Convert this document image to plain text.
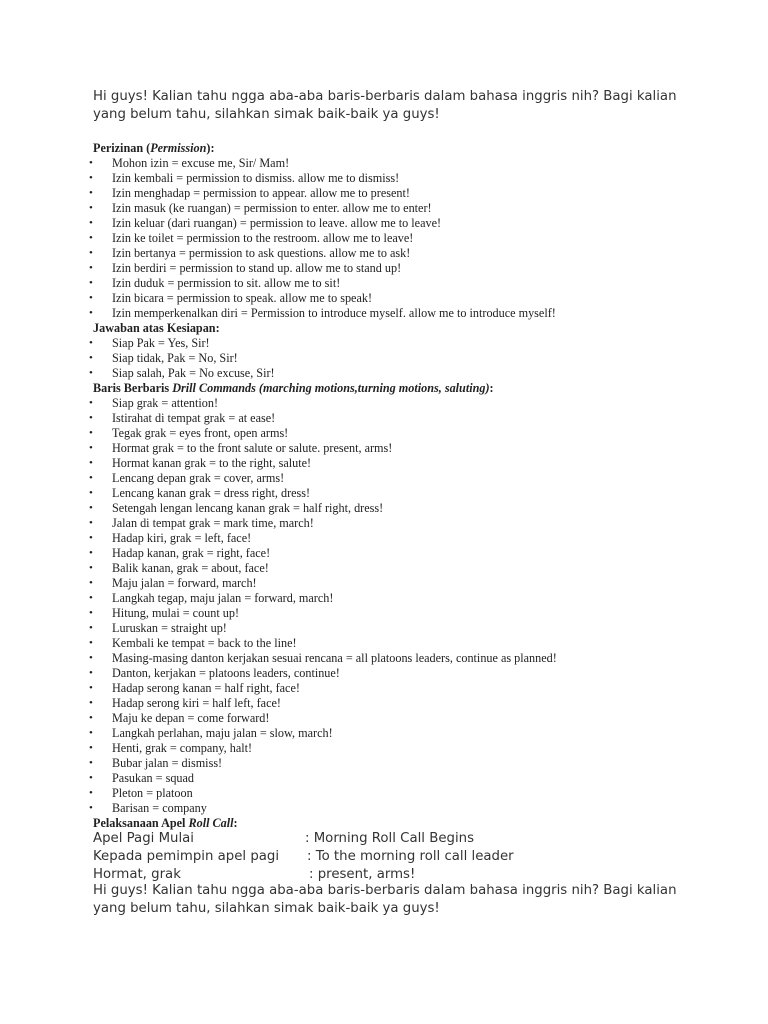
Hi guys! Kalian tahu ngga aba-aba baris-berbaris dalam bahasa inggris nih? Bagi kalian yang belum tahu, silahkan simak baik-baik ya guys!
Perizinan (Permission):
• Mohon izin = excuse me, Sir/ Mam!
• Izin kembali = permission to dismiss. allow me to dismiss!
• Izin menghadap = permission to appear. allow me to present!
• Izin masuk (ke ruangan) = permission to enter. allow me to enter!
• Izin keluar (dari ruangan) = permission to leave. allow me to leave!
• Izin ke toilet = permission to the restroom. allow me to leave!
• Izin bertanya = permission to ask questions. allow me to ask!
• Izin berdiri = permission to stand up. allow me to stand up!
• Izin duduk = permission to sit. allow me to sit!
• Izin bicara = permission to speak. allow me to speak!
• Izin memperkenalkan diri = Permission to introduce myself. allow me to introduce myself!
Jawaban atas Kesiapan:
• Siap Pak = Yes, Sir!
• Siap tidak, Pak = No, Sir!
• Siap salah, Pak = No excuse, Sir!
Baris Berbaris Drill Commands (marching motions,turning motions, saluting):
• Siap grak = attention!
• Istirahat di tempat grak = at ease!
• Tegak grak = eyes front, open arms!
• Hormat grak = to the front salute or salute. present, arms!
• Hormat kanan grak = to the right, salute!
• Lencang depan grak = cover, arms!
• Lencang kanan grak = dress right, dress!
• Setengah lengan lencang kanan grak = half right, dress!
• Jalan di tempat grak = mark time, march!
• Hadap kiri, grak = left, face!
• Hadap kanan, grak = right, face!
• Balik kanan, grak = about, face!
• Maju jalan = forward, march!
• Langkah tegap, maju jalan = forward, march!
• Hitung, mulai = count up!
• Luruskan = straight up!
• Kembali ke tempat = back to the line!
• Masing-masing danton kerjakan sesuai rencana = all platoons leaders, continue as planned!
• Danton, kerjakan = platoons leaders, continue!
• Hadap serong kanan = half right, face!
• Hadap serong kiri = half left, face!
• Maju ke depan = come forward!
• Langkah perlahan, maju jalan = slow, march!
• Henti, grak = company, halt!
• Bubar jalan = dismiss!
• Pasukan = squad
• Pleton = platoon
• Barisan = company
Pelaksanaan Apel Roll Call:
Apel Pagi Mulai	: Morning Roll Call Begins
Kepada pemimpin apel pagi : To the morning roll call leader
Hormat, grak	: present, arms!
Hi guys! Kalian tahu ngga aba-aba baris-berbaris dalam bahasa inggris nih? Bagi kalian yang belum tahu, silahkan simak baik-baik ya guys!
